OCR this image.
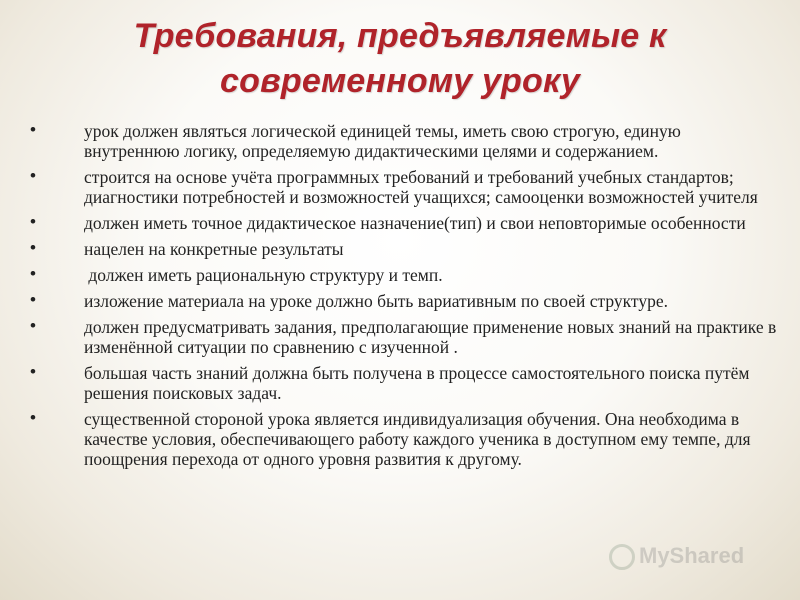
Требования, предъявляемые к
современному уроку
•	урок должен являться логической единицей темы, иметь свою строгую, единую внутреннюю логику, определяемую дидактическими целями и содержанием.
•	строится на основе учёта программных требований и требований учебных стандартов; диагностики потребностей и возможностей учащихся; самооценки возможностей учителя
•	должен иметь точное дидактическое назначение(тип) и свои неповторимые особенности
•	нацелен на конкретные результаты
•	должен иметь рациональную структуру и темп.
•	изложение материала на уроке должно быть вариативным по своей структуре.
•	должен предусматривать задания, предполагающие применение новых знаний на практике в изменённой ситуации по сравнению с изученной .
•	большая часть знаний должна быть получена в процессе самостоятельного поиска путём решения поисковых задач.
•	существенной стороной урока является индивидуализация обучения. Она необходима в качестве условия, обеспечивающего работу каждого ученика в доступном ему темпе, для поощрения перехода от одного уровня развития к другому.
MyShared
